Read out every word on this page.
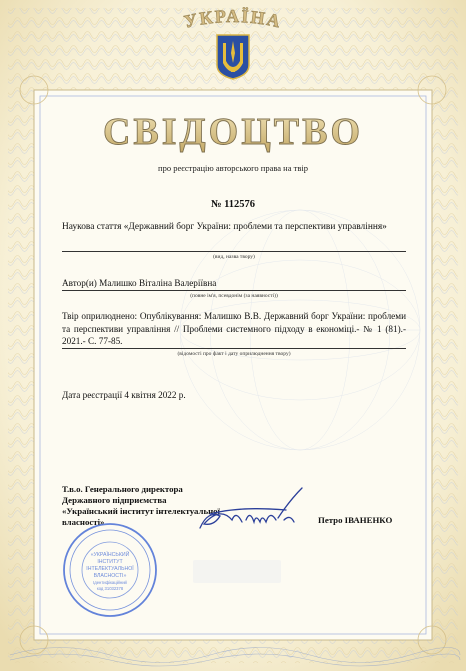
УКРАЇНА
СВІДОЦТВО
про реєстрацію авторського права на твір
№ 112576
Наукова стаття «Державний борг України: проблеми та перспективи управління»
(вид, назва твору)
Автор(и) Малишко Віталіна Валеріївна
(повне ім'я, псевдонім (за наявності))
Твір оприлюднено: Опублікування: Малишко В.В. Державний борг України: проблеми та перспективи управління // Проблеми системного підходу в економіці.- № 1 (81).- 2021.- С. 77-85.
(відомості про факт і дату оприлюднення твору)
Дата реєстрації 4 квітня 2022 р.
Т.в.о. Генерального директора Державного підприємства «Український інститут інтелектуальної власності»	Петро ІВАНЕНКО
«УКРАЇНСЬКИЙ
ІНСТИТУТ
ІНТЕЛЕКТУАЛЬНОЇ
ВЛАСНОСТІ»
Ідентифікаційний
код 31032378
